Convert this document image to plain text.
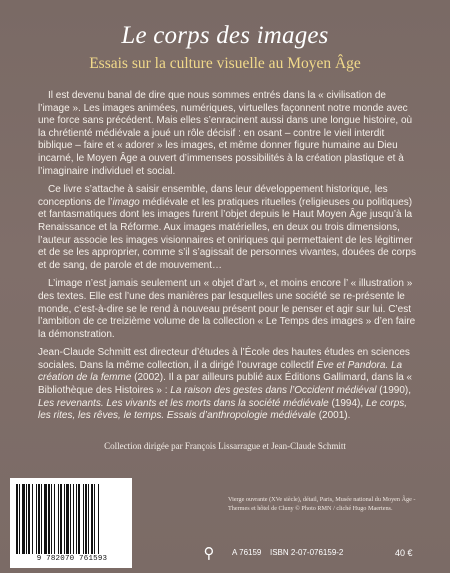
Le corps des images
Essais sur la culture visuelle au Moyen Âge

Il est devenu banal de dire que nous sommes entrés dans la « civilisation de l’image ». Les images animées, numériques, virtuelles façonnent notre monde avec une force sans précédent. Mais elles s’enracinent aussi dans une longue histoire, où la chrétienté médiévale a joué un rôle décisif : en osant – contre le vieil interdit biblique – faire et « adorer » les images, et même donner figure humaine au Dieu incarné, le Moyen Âge a ouvert d’immenses possibilités à la création plastique et à l’imaginaire individuel et social.

Ce livre s’attache à saisir ensemble, dans leur développement historique, les conceptions de l’imago médiévale et les pratiques rituelles (religieuses ou politiques) et fantasmatiques dont les images furent l’objet depuis le Haut Moyen Âge jusqu’à la Renaissance et la Réforme. Aux images matérielles, en deux ou trois dimensions, l’auteur associe les images visionnaires et oniriques qui permettaient de les légitimer et de se les approprier, comme s’il s’agissait de personnes vivantes, douées de corps et de sang, de parole et de mouvement…

L’image n’est jamais seulement un « objet d’art », et moins encore l’ « illustration » des textes. Elle est l’une des manières par lesquelles une société se re-présente le monde, c’est-à-dire se le rend à nouveau présent pour le penser et agir sur lui. C’est l’ambition de ce treizième volume de la collection « Le Temps des images » d’en faire la démonstration.

Jean-Claude Schmitt est directeur d’études à l’École des hautes études en sciences sociales. Dans la même collection, il a dirigé l’ouvrage collectif Ève et Pandora. La création de la femme (2002). Il a par ailleurs publié aux Éditions Gallimard, dans la « Bibliothèque des Histoires » : La raison des gestes dans l’Occident médiéval (1990), Les revenants. Les vivants et les morts dans la société médiévale (1994), Le corps, les rites, les rêves, le temps. Essais d’anthropologie médiévale (2001).

Collection dirigée par François Lissarrague et Jean-Claude Schmitt
Vierge ouvrante (XVe siècle), détail, Paris, Musée national du Moyen Âge - Thermes et hôtel de Cluny © Photo RMN / cliché Hugo Maertens.
9 782070 761593	⚲	A 76159 ISBN 2-07-076159-2	40 €
